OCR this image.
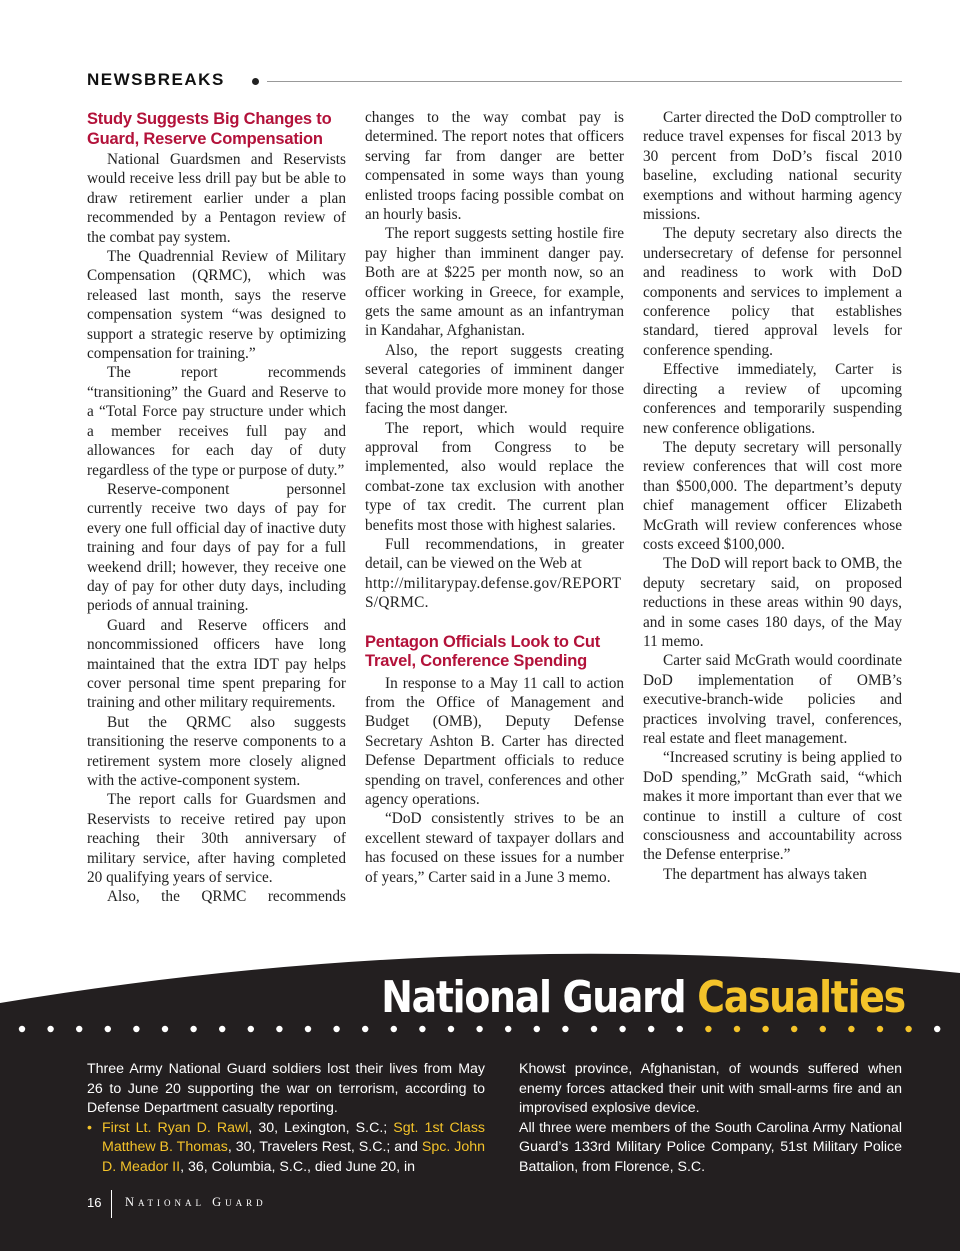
NEWSBREAKS
Study Suggests Big Changes to Guard, Reserve Compensation

National Guardsmen and Reservists would receive less drill pay but be able to draw retirement earlier under a plan recommended by a Pentagon review of the combat pay system.

The Quadrennial Review of Military Compensation (QRMC), which was released last month, says the reserve compensation system “was designed to support a strategic reserve by optimizing compensation for training.”

The report recommends “transitioning” the Guard and Reserve to a “Total Force pay structure under which a member receives full pay and allowances for each day of duty regardless of the type or purpose of duty.”

Reserve-component personnel currently receive two days of pay for every one full official day of inactive duty training and four days of pay for a full weekend drill; however, they receive one day of pay for other duty days, including periods of annual training.

Guard and Reserve officers and noncommissioned officers have long maintained that the extra IDT pay helps cover personal time spent preparing for training and other military requirements.

But the QRMC also suggests transitioning the reserve components to a retirement system more closely aligned with the active-component system.

The report calls for Guardsmen and Reservists to receive retired pay upon reaching their 30th anniversary of military service, after having completed 20 qualifying years of service.

Also, the QRMC recommends

changes to the way combat pay is determined. The report notes that officers serving far from danger are better compensated in some ways than young enlisted troops facing possible combat on an hourly basis.

The report suggests setting hostile fire pay higher than imminent danger pay. Both are at $225 per month now, so an officer working in Greece, for example, gets the same amount as an infantryman in Kandahar, Afghanistan.

Also, the report suggests creating several categories of imminent danger that would provide more money for those facing the most danger.

The report, which would require approval from Congress to be implemented, also would replace the combat-zone tax exclusion with another type of tax credit. The current plan benefits most those with highest salaries.

Full recommendations, in greater detail, can be viewed on the Web at

http://militarypay.defense.gov/REPORTS/QRMC.

Pentagon Officials Look to Cut Travel, Conference Spending

In response to a May 11 call to action from the Office of Management and Budget (OMB), Deputy Defense Secretary Ashton B. Carter has directed Defense Department officials to reduce spending on travel, conferences and other agency operations.

“DoD consistently strives to be an excellent steward of taxpayer dollars and has focused on these issues for a number of years,” Carter said in a June 3 memo.

Carter directed the DoD comptroller to reduce travel expenses for fiscal 2013 by 30 percent from DoD’s fiscal 2010 baseline, excluding national security exemptions and without harming agency missions.

The deputy secretary also directs the undersecretary of defense for personnel and readiness to work with DoD components and services to implement a conference policy that establishes standard, tiered approval levels for conference spending.

Effective immediately, Carter is directing a review of upcoming conferences and temporarily suspending new conference obligations.

The deputy secretary will personally review conferences that will cost more than $500,000. The department’s deputy chief management officer Elizabeth McGrath will review conferences whose costs exceed $100,000.

The DoD will report back to OMB, the deputy secretary said, on proposed reductions in these areas within 90 days, and in some cases 180 days, of the May 11 memo.

Carter said McGrath would coordinate DoD implementation of OMB’s executive-branch-wide policies and practices involving travel, conferences, real estate and fleet management.

“Increased scrutiny is being applied to DoD spending,” McGrath said, “which makes it more important than ever that we continue to instill a culture of cost consciousness and accountability across the Defense enterprise.”

The department has always taken

National Guard Casualties

Three Army National Guard soldiers lost their lives from May 26 to June 20 supporting the war on terrorism, according to Defense Department casualty reporting.

• First Lt. Ryan D. Rawl, 30, Lexington, S.C.; Sgt. 1st Class Matthew B. Thomas, 30, Travelers Rest, S.C.; and Spc. John D. Meador II, 36, Columbia, S.C., died June 20, in

Khowst province, Afghanistan, of wounds suffered when enemy forces attacked their unit with small-arms fire and an improvised explosive device.

All three were members of the South Carolina Army National Guard’s 133rd Military Police Company, 51st Military Police Battalion, from Florence, S.C.

16 National Guard
